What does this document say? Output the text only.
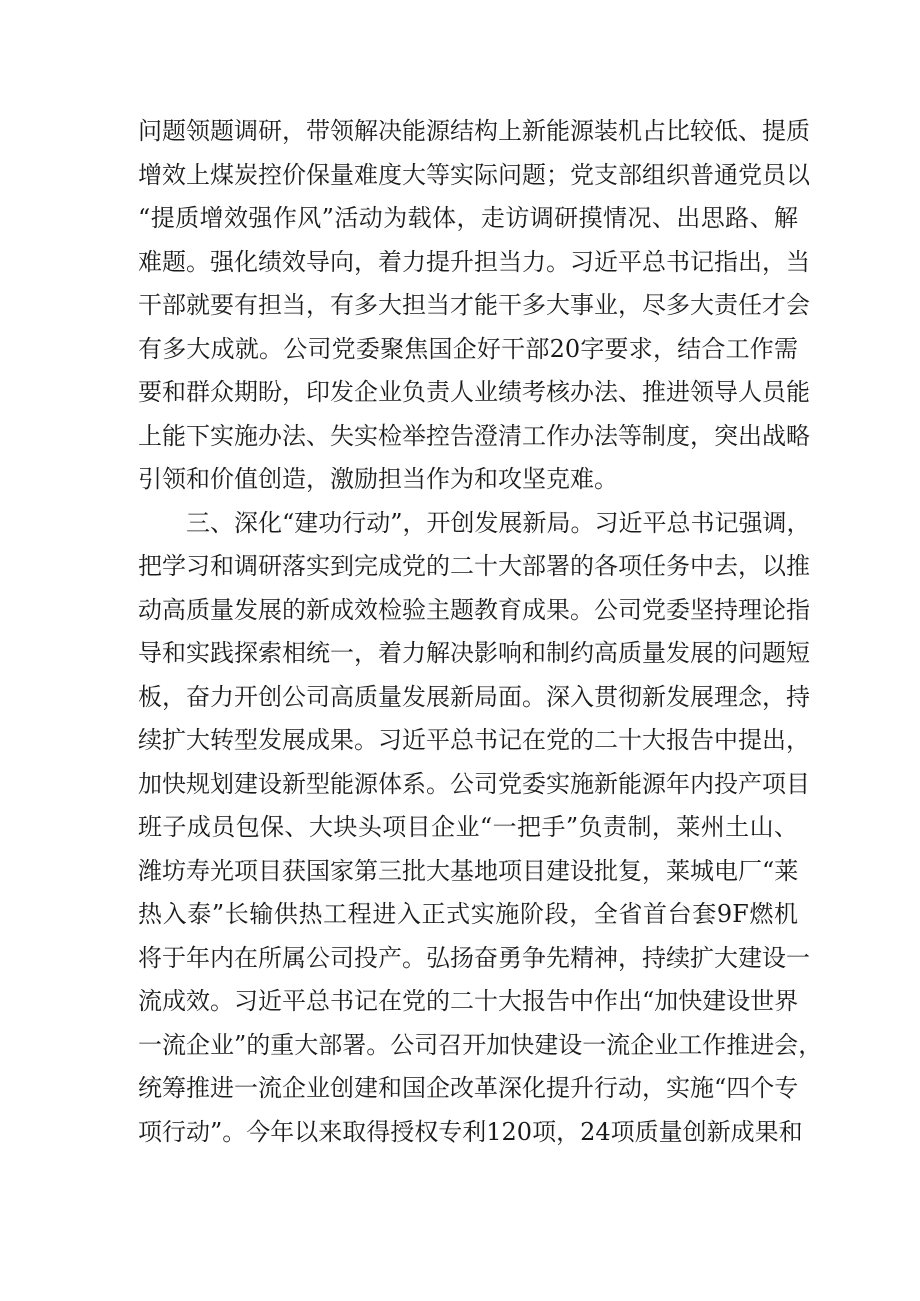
问题领题调研，带领解决能源结构上新能源装机占比较低、提质
增效上煤炭控价保量难度大等实际问题；党支部组织普通党员以
“提质增效强作风”活动为载体，走访调研摸情况、出思路、解
难题。强化绩效导向，着力提升担当力。习近平总书记指出，当
干部就要有担当，有多大担当才能干多大事业，尽多大责任才会
有多大成就。公司党委聚焦国企好干部20字要求，结合工作需
要和群众期盼，印发企业负责人业绩考核办法、推进领导人员能
上能下实施办法、失实检举控告澄清工作办法等制度，突出战略
引领和价值创造，激励担当作为和攻坚克难。
三、深化“建功行动”，开创发展新局。习近平总书记强调，
把学习和调研落实到完成党的二十大部署的各项任务中去，以推
动高质量发展的新成效检验主题教育成果。公司党委坚持理论指
导和实践探索相统一，着力解决影响和制约高质量发展的问题短
板，奋力开创公司高质量发展新局面。深入贯彻新发展理念，持
续扩大转型发展成果。习近平总书记在党的二十大报告中提出，
加快规划建设新型能源体系。公司党委实施新能源年内投产项目
班子成员包保、大块头项目企业“一把手”负责制，莱州土山、
潍坊寿光项目获国家第三批大基地项目建设批复，莱城电厂“莱
热入泰”长输供热工程进入正式实施阶段，全省首台套9F燃机
将于年内在所属公司投产。弘扬奋勇争先精神，持续扩大建设一
流成效。习近平总书记在党的二十大报告中作出“加快建设世界
一流企业”的重大部署。公司召开加快建设一流企业工作推进会，
统筹推进一流企业创建和国企改革深化提升行动，实施“四个专
项行动”。今年以来取得授权专利120项，24项质量创新成果和
